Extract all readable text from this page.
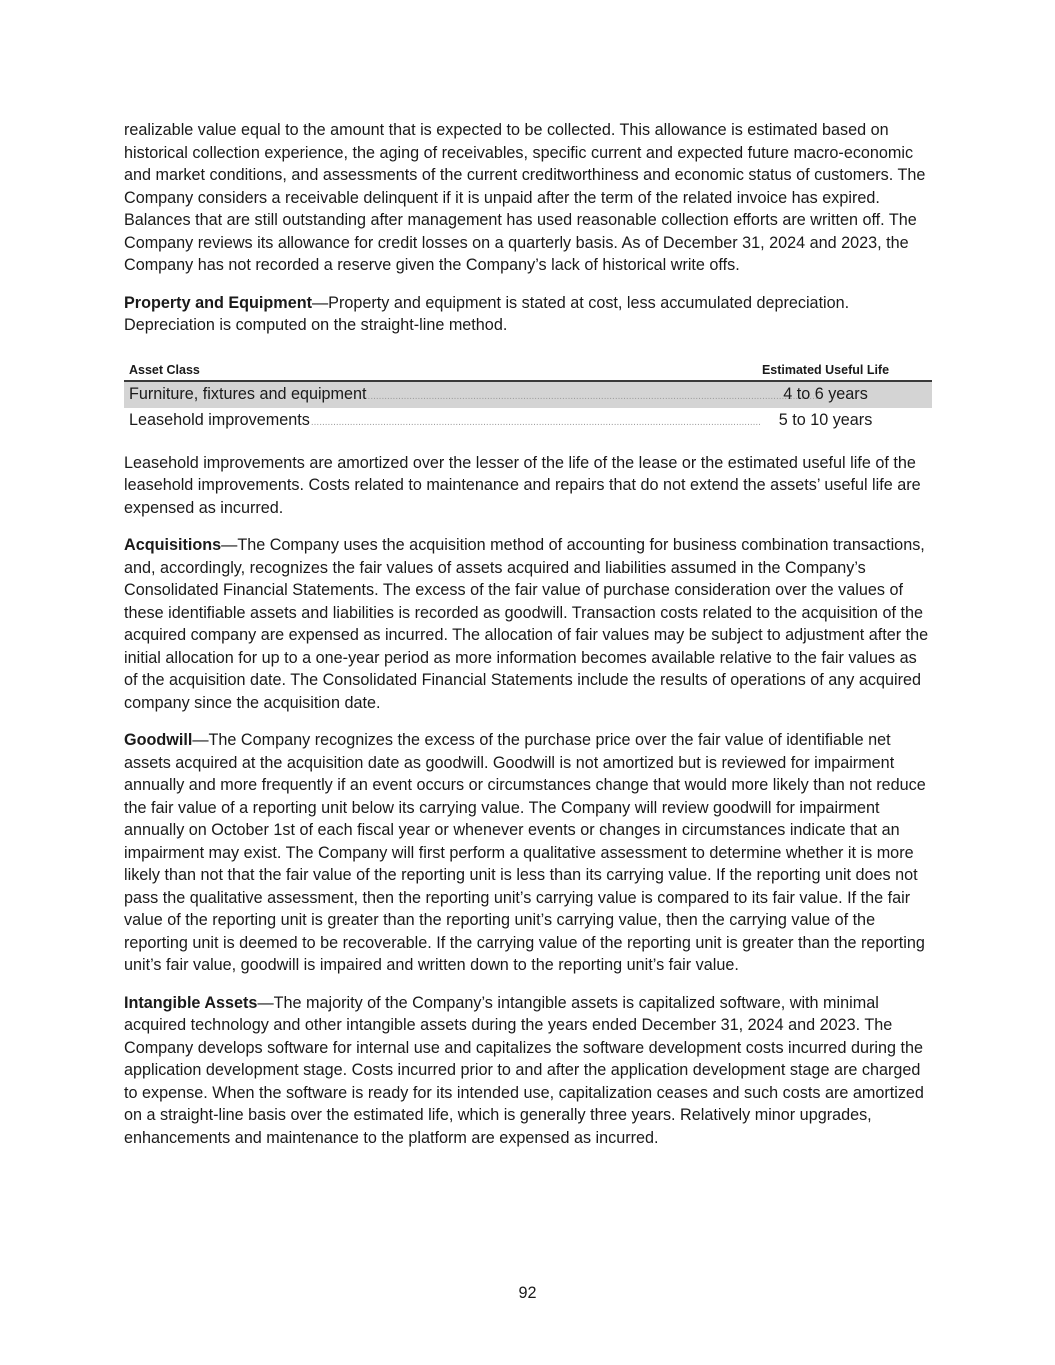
realizable value equal to the amount that is expected to be collected. This allowance is estimated based on historical collection experience, the aging of receivables, specific current and expected future macro-economic and market conditions, and assessments of the current creditworthiness and economic status of customers. The Company considers a receivable delinquent if it is unpaid after the term of the related invoice has expired. Balances that are still outstanding after management has used reasonable collection efforts are written off. The Company reviews its allowance for credit losses on a quarterly basis. As of December 31, 2024 and 2023, the Company has not recorded a reserve given the Company’s lack of historical write offs.

Property and Equipment—Property and equipment is stated at cost, less accumulated depreciation. Depreciation is computed on the straight-line method.

Asset Class	Estimated Useful Life

Furniture, fixtures and equipment ..................................................................................................................................................................	4 to 6 years

Leasehold improvements ..................................................................................................................................................................	5 to 10 years

Leasehold improvements are amortized over the lesser of the life of the lease or the estimated useful life of the leasehold improvements. Costs related to maintenance and repairs that do not extend the assets’ useful life are expensed as incurred.

Acquisitions—The Company uses the acquisition method of accounting for business combination transactions, and, accordingly, recognizes the fair values of assets acquired and liabilities assumed in the Company’s Consolidated Financial Statements. The excess of the fair value of purchase consideration over the values of these identifiable assets and liabilities is recorded as goodwill. Transaction costs related to the acquisition of the acquired company are expensed as incurred. The allocation of fair values may be subject to adjustment after the initial allocation for up to a one-year period as more information becomes available relative to the fair values as of the acquisition date. The Consolidated Financial Statements include the results of operations of any acquired company since the acquisition date.

Goodwill—The Company recognizes the excess of the purchase price over the fair value of identifiable net assets acquired at the acquisition date as goodwill. Goodwill is not amortized but is reviewed for impairment annually and more frequently if an event occurs or circumstances change that would more likely than not reduce the fair value of a reporting unit below its carrying value. The Company will review goodwill for impairment annually on October 1st of each fiscal year or whenever events or changes in circumstances indicate that an impairment may exist. The Company will first perform a qualitative assessment to determine whether it is more likely than not that the fair value of the reporting unit is less than its carrying value. If the reporting unit does not pass the qualitative assessment, then the reporting unit’s carrying value is compared to its fair value. If the fair value of the reporting unit is greater than the reporting unit’s carrying value, then the carrying value of the reporting unit is deemed to be recoverable. If the carrying value of the reporting unit is greater than the reporting unit’s fair value, goodwill is impaired and written down to the reporting unit’s fair value.

Intangible Assets—The majority of the Company’s intangible assets is capitalized software, with minimal acquired technology and other intangible assets during the years ended December 31, 2024 and 2023. The Company develops software for internal use and capitalizes the software development costs incurred during the application development stage. Costs incurred prior to and after the application development stage are charged to expense. When the software is ready for its intended use, capitalization ceases and such costs are amortized on a straight-line basis over the estimated life, which is generally three years. Relatively minor upgrades, enhancements and maintenance to the platform are expensed as incurred.

92
